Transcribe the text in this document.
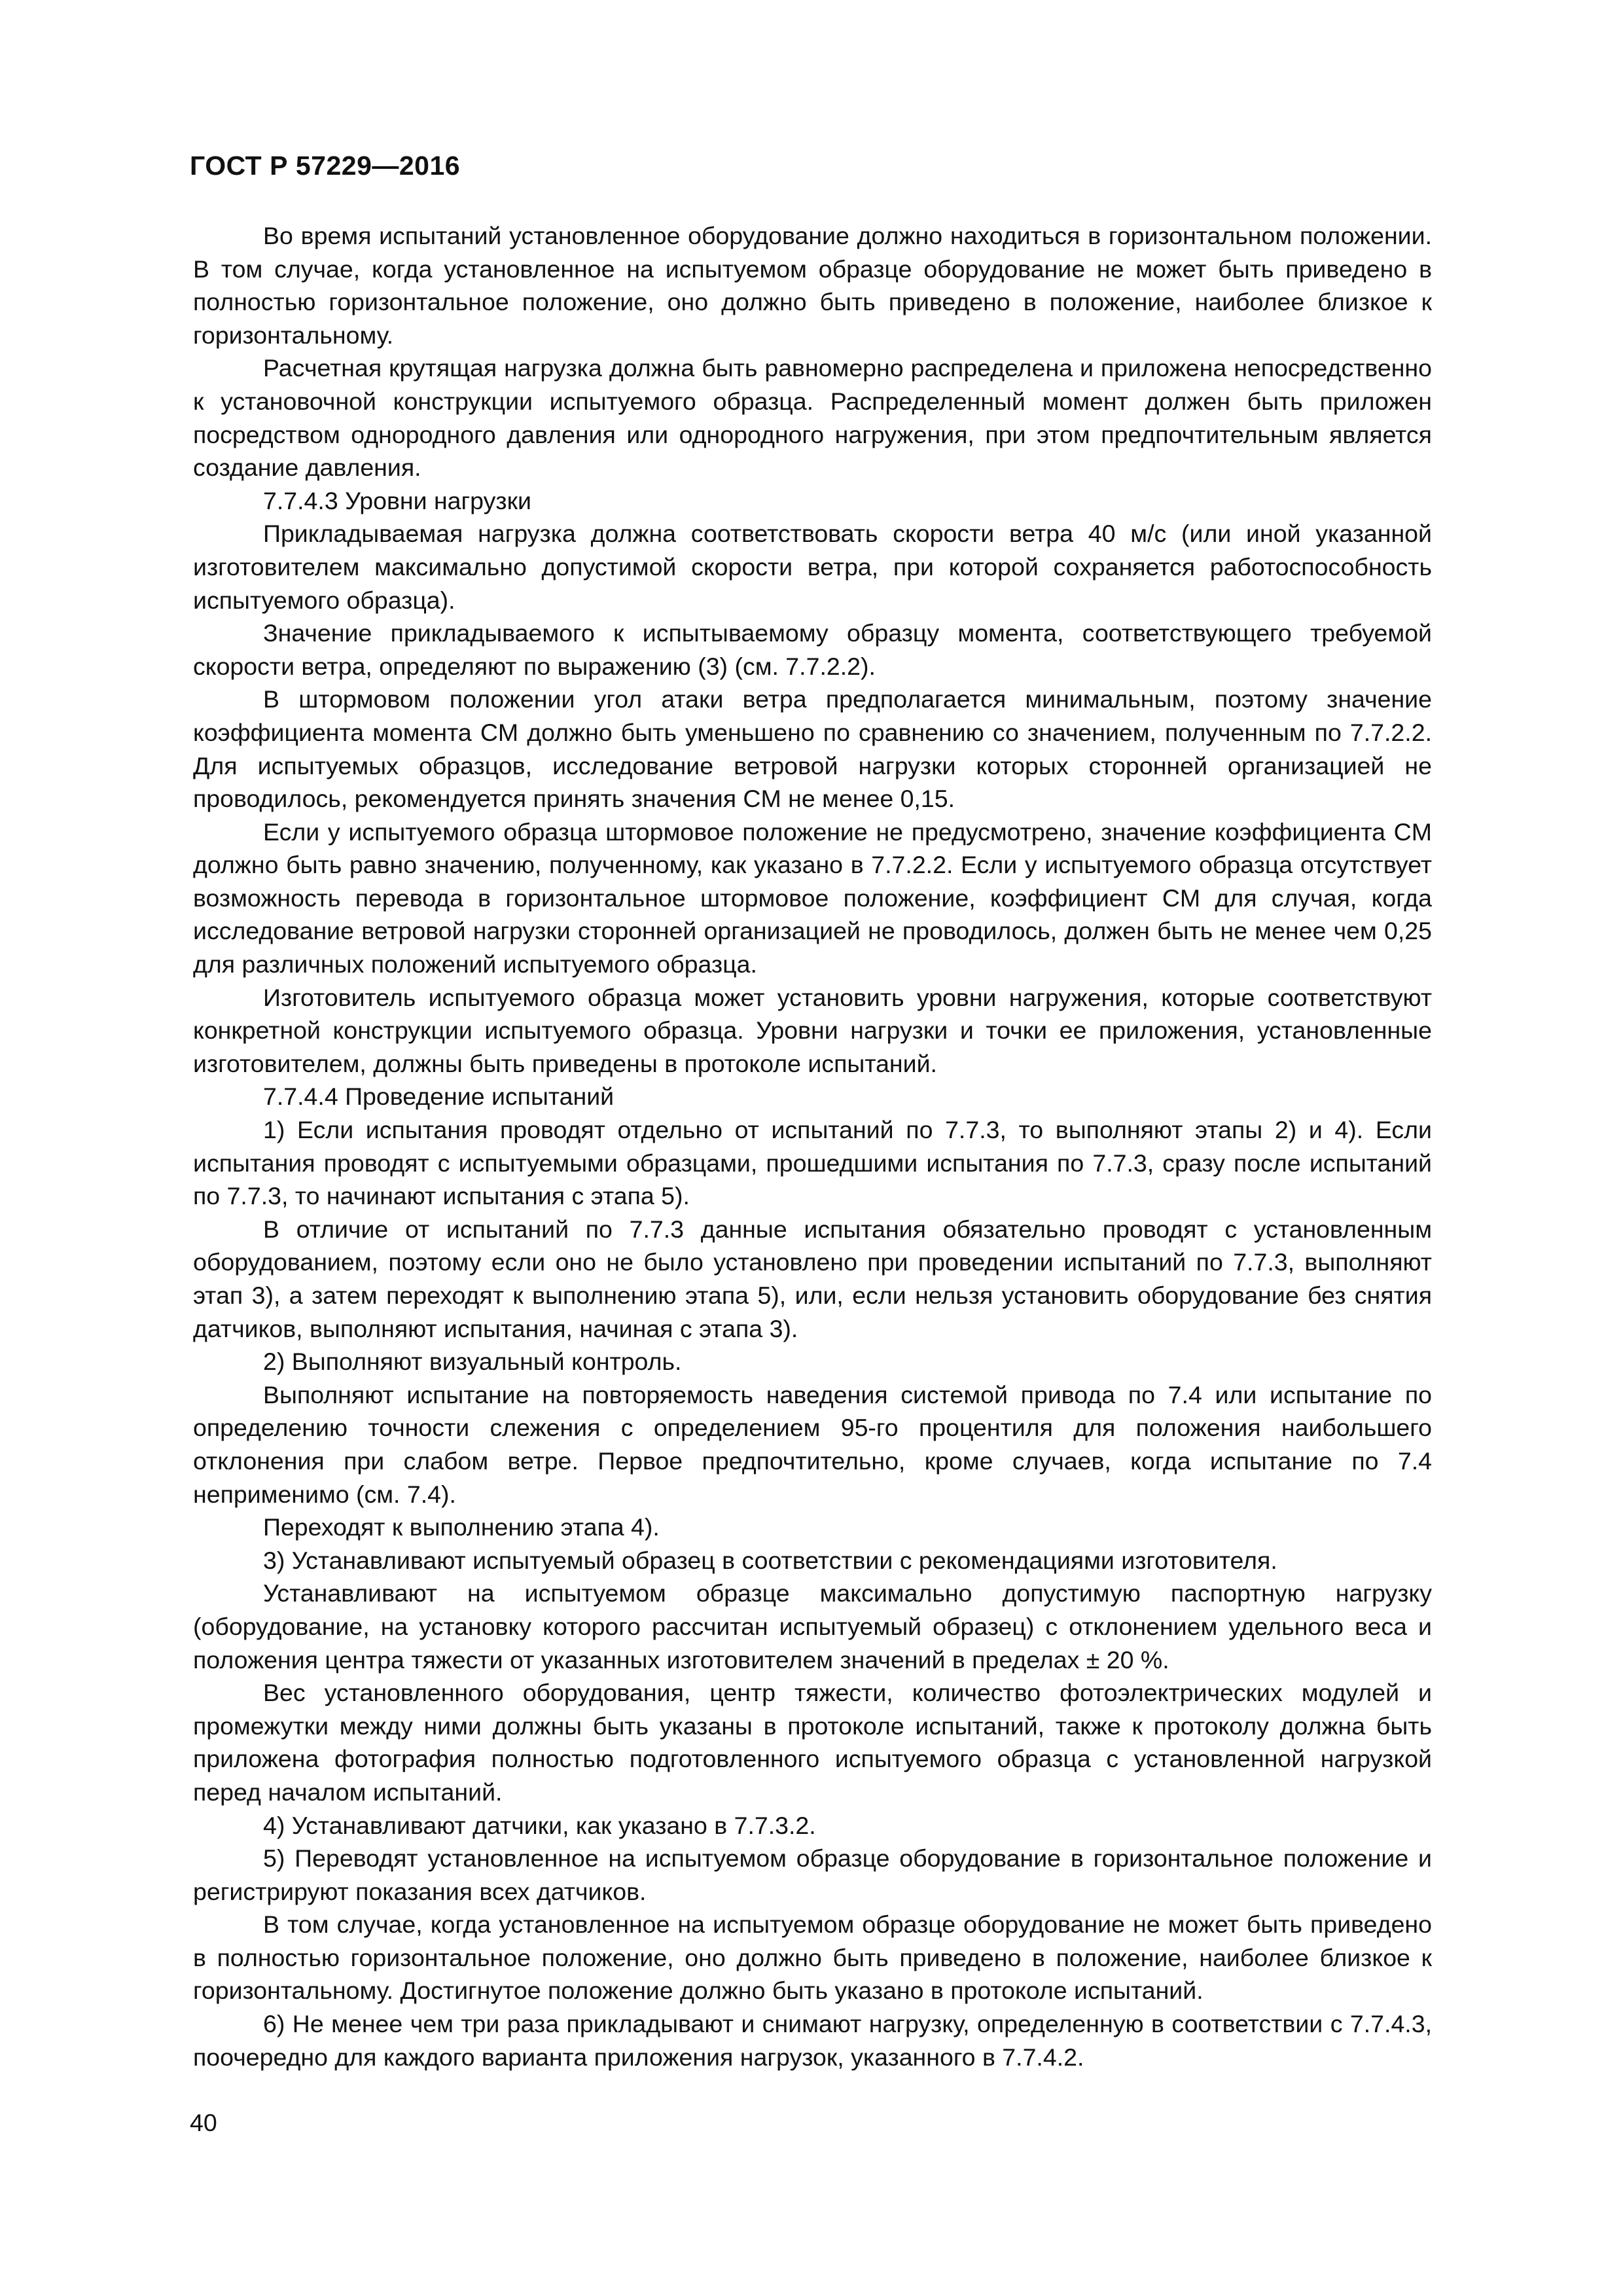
ГОСТ Р 57229—2016

Во время испытаний установленное оборудование должно находиться в горизонтальном положении. В том случае, когда установленное на испытуемом образце оборудование не может быть приведено в полностью горизонтальное положение, оно должно быть приведено в положение, наиболее близкое к горизонтальному.

Расчетная крутящая нагрузка должна быть равномерно распределена и приложена непосредственно к установочной конструкции испытуемого образца. Распределенный момент должен быть приложен посредством однородного давления или однородного нагружения, при этом предпочтительным является создание давления.

7.7.4.3 Уровни нагрузки

Прикладываемая нагрузка должна соответствовать скорости ветра 40 м/с (или иной указанной изготовителем максимально допустимой скорости ветра, при которой сохраняется работоспособность испытуемого образца).

Значение прикладываемого к испытываемому образцу момента, соответствующего требуемой скорости ветра, определяют по выражению (3) (см. 7.7.2.2).

В штормовом положении угол атаки ветра предполагается минимальным, поэтому значение коэффициента момента CМ должно быть уменьшено по сравнению со значением, полученным по 7.7.2.2. Для испытуемых образцов, исследование ветровой нагрузки которых сторонней организацией не проводилось, рекомендуется принять значения CМ не менее 0,15.

Если у испытуемого образца штормовое положение не предусмотрено, значение коэффициента CМ должно быть равно значению, полученному, как указано в 7.7.2.2. Если у испытуемого образца отсутствует возможность перевода в горизонтальное штормовое положение, коэффициент CМ для случая, когда исследование ветровой нагрузки сторонней организацией не проводилось, должен быть не менее чем 0,25 для различных положений испытуемого образца.

Изготовитель испытуемого образца может установить уровни нагружения, которые соответствуют конкретной конструкции испытуемого образца. Уровни нагрузки и точки ее приложения, установленные изготовителем, должны быть приведены в протоколе испытаний.

7.7.4.4 Проведение испытаний

1) Если испытания проводят отдельно от испытаний по 7.7.3, то выполняют этапы 2) и 4). Если испытания проводят с испытуемыми образцами, прошедшими испытания по 7.7.3, сразу после испытаний по 7.7.3, то начинают испытания с этапа 5).

В отличие от испытаний по 7.7.3 данные испытания обязательно проводят с установленным оборудованием, поэтому если оно не было установлено при проведении испытаний по 7.7.3, выполняют этап 3), а затем переходят к выполнению этапа 5), или, если нельзя установить оборудование без снятия датчиков, выполняют испытания, начиная с этапа 3).

2) Выполняют визуальный контроль.

Выполняют испытание на повторяемость наведения системой привода по 7.4 или испытание по определению точности слежения с определением 95-го процентиля для положения наибольшего отклонения при слабом ветре. Первое предпочтительно, кроме случаев, когда испытание по 7.4 неприменимо (см. 7.4).

Переходят к выполнению этапа 4).

3) Устанавливают испытуемый образец в соответствии с рекомендациями изготовителя.

Устанавливают на испытуемом образце максимально допустимую паспортную нагрузку (оборудование, на установку которого рассчитан испытуемый образец) с отклонением удельного веса и положения центра тяжести от указанных изготовителем значений в пределах ± 20 %.

Вес установленного оборудования, центр тяжести, количество фотоэлектрических модулей и промежутки между ними должны быть указаны в протоколе испытаний, также к протоколу должна быть приложена фотография полностью подготовленного испытуемого образца с установленной нагрузкой перед началом испытаний.

4) Устанавливают датчики, как указано в 7.7.3.2.

5) Переводят установленное на испытуемом образце оборудование в горизонтальное положение и регистрируют показания всех датчиков.

В том случае, когда установленное на испытуемом образце оборудование не может быть приведено в полностью горизонтальное положение, оно должно быть приведено в положение, наиболее близкое к горизонтальному. Достигнутое положение должно быть указано в протоколе испытаний.

6) Не менее чем три раза прикладывают и снимают нагрузку, определенную в соответствии с 7.7.4.3, поочередно для каждого варианта приложения нагрузок, указанного в 7.7.4.2.

40
